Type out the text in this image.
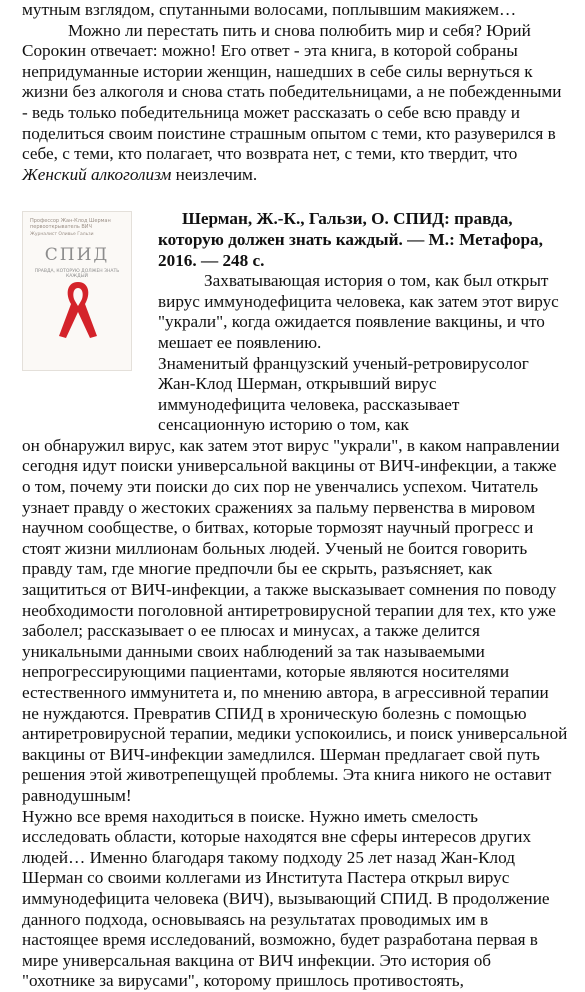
мутным взглядом, спутанными волосами, поплывшим макияжем…

Можно ли перестать пить и снова полюбить мир и себя? Юрий Сорокин отвечает: можно! Его ответ - эта книга, в которой собраны непридуманные истории женщин, нашедших в себе силы вернуться к жизни без алкоголя и снова стать победительницами, а не побежденными - ведь только победительница может рассказать о себе всю правду и поделиться своим поистине страшным опытом с теми, кто разуверился в себе, с теми, кто полагает, что возврата нет, с теми, кто твердит, что Женский алкоголизм неизлечим.

Профессор Жан-Клод Шерман первооткрыватель ВИЧ
Журналист Оливье Гальзи
СПИД
ПРАВДА, КОТОРУЮ ДОЛЖЕН ЗНАТЬ КАЖДЫЙ

Шерман, Ж.-К., Гальзи, О. СПИД: правда, которую должен знать каждый. — М.: Метафора, 2016. — 248 с.

Захватывающая история о том, как был открыт вирус иммунодефицита человека, как затем этот вирус "украли", когда ожидается появление вакцины, и что мешает ее появлению.

Знаменитый французский ученый-ретровирусолог Жан-Клод Шерман, открывший вирус иммунодефицита человека, рассказывает сенсационную историю о том, как

он обнаружил вирус, как затем этот вирус "украли", в каком направлении сегодня идут поиски универсальной вакцины от ВИЧ-инфекции, а также о том, почему эти поиски до сих пор не увенчались успехом. Читатель узнает правду о жестоких сражениях за пальму первенства в мировом научном сообществе, о битвах, которые тормозят научный прогресс и стоят жизни миллионам больных людей. Ученый не боится говорить правду там, где многие предпочли бы ее скрыть, разъясняет, как защититься от ВИЧ-инфекции, а также высказывает сомнения по поводу необходимости поголовной антиретровирусной терапии для тех, кто уже заболел; рассказывает о ее плюсах и минусах, а также делится уникальными данными своих наблюдений за так называемыми непрогрессирующими пациентами, которые являются носителями естественного иммунитета и, по мнению автора, в агрессивной терапии не нуждаются. Превратив СПИД в хроническую болезнь с помощью антиретровирусной терапии, медики успокоились, и поиск универсальной вакцины от ВИЧ-инфекции замедлился. Шерман предлагает свой путь решения этой животрепещущей проблемы. Эта книга никого не оставит равнодушным!

Нужно все время находиться в поиске. Нужно иметь смелость исследовать области, которые находятся вне сферы интересов других людей… Именно благодаря такому подходу 25 лет назад Жан-Клод Шерман со своими коллегами из Института Пастера открыл вирус иммунодефицита человека (ВИЧ), вызывающий СПИД. В продолжение данного подхода, основываясь на результатах проводимых им в настоящее время исследований, возможно, будет разработана первая в мире универсальная вакцина от ВИЧ инфекции. Это история об "охотнике за вирусами", которому пришлось противостоять,
